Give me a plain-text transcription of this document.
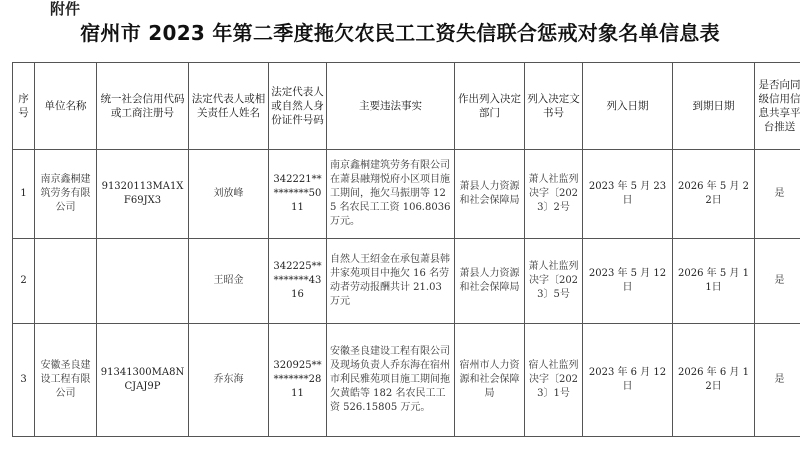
附件
宿州市 2023 年第二季度拖欠农民工工资失信联合惩戒对象名单信息表
序号	单位名称	统一社会信用代码或工商注册号	法定代表人或相关责任人姓名	法定代表人或自然人身份证件号码	主要违法事实	作出列入决定部门	列入决定文书号	列入日期	到期日期	是否向同级信用信息共享平台推送
1	南京鑫桐建筑劳务有限公司	91320113MA1XF69JX3	刘放峰	342221*********5011	南京鑫桐建筑劳务有限公司在萧县融翔悦府小区项目施工期间，拖欠马振朋等 125 名农民工工资 106.8036 万元。	萧县人力资源和社会保障局	萧人社监列决字〔2023〕2号	2023 年 5 月 23日	2026 年 5 月 22日	是
2			王昭金	342225*********4316	自然人王绍金在承包萧县韩井家苑项目中拖欠 16 名劳动者劳动报酬共计 21.03 万元	萧县人力资源和社会保障局	萧人社监列决字〔2023〕5号	2023 年 5 月 12日	2026 年 5 月 11日	是
3	安徽圣良建设工程有限公司	91341300MA8NCJAJ9P	乔东海	320925*********2811	安徽圣良建设工程有限公司及现场负责人乔东海在宿州市利民雅苑项目施工期间拖欠黄皓等 182 名农民工工资 526.15805 万元。	宿州市人力资源和社会保障局	宿人社监列决字〔2023〕1号	2023 年 6 月 12日	2026 年 6 月 12日	是
